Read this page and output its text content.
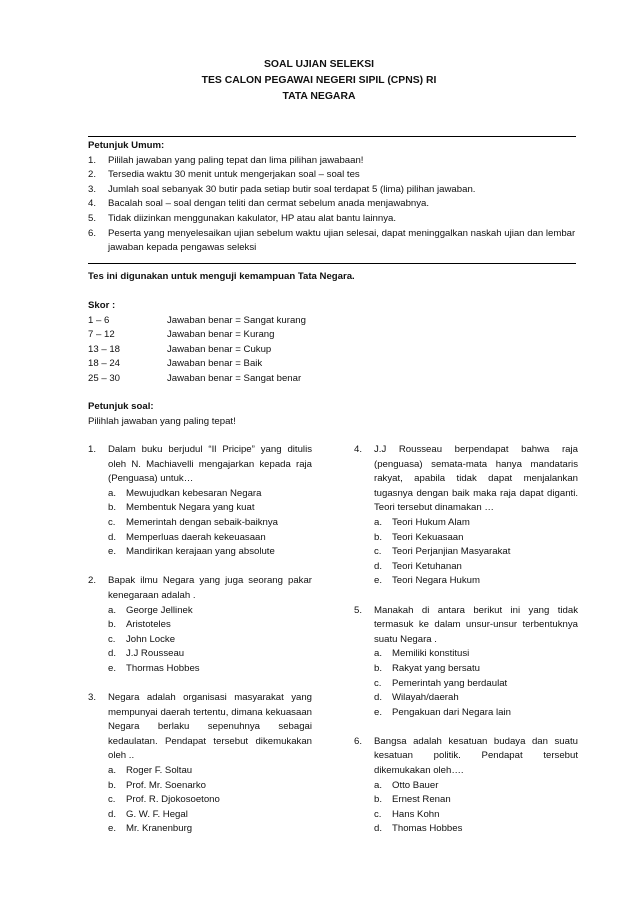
SOAL UJIAN SELEKSI
TES CALON PEGAWAI NEGERI SIPIL (CPNS) RI
TATA NEGARA
Petunjuk Umum:
1.	Pililah jawaban yang paling tepat dan lima pilihan jawabaan!
2.	Tersedia waktu 30 menit untuk mengerjakan soal – soal tes
3.	Jumlah soal sebanyak 30 butir pada setiap butir soal terdapat 5 (lima) pilihan jawaban.
4.	Bacalah soal – soal dengan teliti dan cermat sebelum anada menjawabnya.
5.	Tidak diizinkan menggunakan kakulator, HP atau alat bantu lainnya.
6.	Peserta yang menyelesaikan ujian sebelum waktu ujian selesai, dapat meninggalkan naskah ujian dan lembar jawaban kepada pengawas seleksi
Tes ini digunakan untuk menguji kemampuan Tata Negara.
Skor :
1 – 6	Jawaban benar = Sangat kurang
7 – 12	Jawaban benar = Kurang
13 – 18	Jawaban benar = Cukup
18 – 24	Jawaban benar = Baik
25 – 30	Jawaban benar = Sangat benar
Petunjuk soal:
Pilihlah jawaban yang paling tepat!
1.	Dalam buku berjudul “Il Pricipe” yang ditulis oleh N. Machiavelli mengajarkan kepada raja (Penguasa) untuk…
a.	Mewujudkan kebesaran Negara
b.	Membentuk Negara yang kuat
c.	Memerintah dengan sebaik-baiknya
d.	Memperluas daerah kekeuasaan
e.	Mandirikan kerajaan yang absolute
2.	Bapak ilmu Negara yang juga seorang pakar kenegaraan adalah .
a.	George Jellinek
b.	Aristoteles
c.	John Locke
d.	J.J Rousseau
e.	Thormas Hobbes
3.	Negara adalah organisasi masyarakat yang mempunyai daerah tertentu, dimana kekuasaan Negara berlaku sepenuhnya sebagai kedaulatan. Pendapat tersebut dikemukakan oleh ..
a.	Roger F. Soltau
b.	Prof. Mr. Soenarko
c.	Prof. R. Djokosoetono
d.	G. W. F. Hegal
e.	Mr. Kranenburg
4.	J.J Rousseau berpendapat bahwa raja (penguasa) semata-mata hanya mandataris rakyat, apabila tidak dapat menjalankan tugasnya dengan baik maka raja dapat diganti. Teori tersebut dinamakan …
a.	Teori Hukum Alam
b.	Teori Kekuasaan
c.	Teori Perjanjian Masyarakat
d.	Teori Ketuhanan
e.	Teori Negara Hukum
5.	Manakah di antara berikut ini yang tidak termasuk ke dalam unsur-unsur terbentuknya suatu Negara .
a.	Memiliki konstitusi
b.	Rakyat yang bersatu
c.	Pemerintah yang berdaulat
d.	Wilayah/daerah
e.	Pengakuan dari Negara lain
6.	Bangsa adalah kesatuan budaya dan suatu kesatuan politik. Pendapat tersebut dikemukakan oleh….
a.	Otto Bauer
b.	Ernest Renan
c.	Hans Kohn
d.	Thomas Hobbes
